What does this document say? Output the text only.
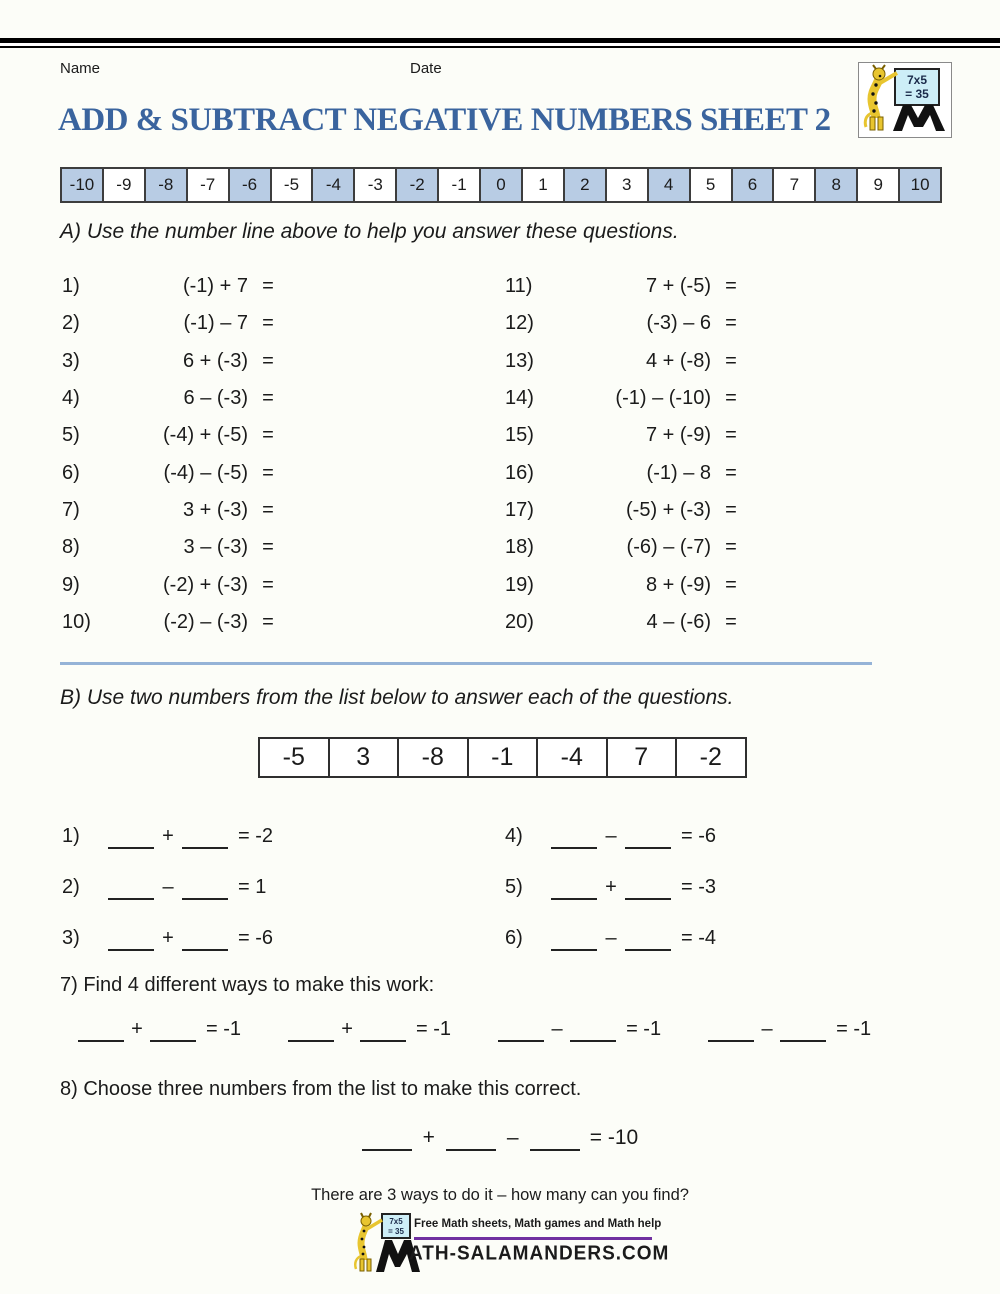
Name	Date
7x5
= 35
ADD & SUBTRACT NEGATIVE NUMBERS SHEET 2
-10	-9	-8	-7	-6	-5	-4	-3	-2	-1	0	1	2	3	4	5	6	7	8	9	10
A) Use the number line above to help you answer these questions.
1)	(-1) + 7 =
2)	(-1) – 7 =
3)	6 + (-3) =
4)	6 – (-3) =
5)	(-4) + (-5) =
6)	(-4) – (-5) =
7)	3 + (-3) =
8)	3 – (-3) =
9)	(-2) + (-3) =
10)	(-2) – (-3) =
11)	7 + (-5) =
12)	(-3) – 6 =
13)	4 + (-8) =
14)	(-1) – (-10) =
15)	7 + (-9) =
16)	(-1) – 8 =
17)	(-5) + (-3) =
18)	(-6) – (-7) =
19)	8 + (-9) =
20)	4 – (-6) =
B) Use two numbers from the list below to answer each of the questions.
-5	3	-8	-1	-4	7	-2
1)	+	= -2
2)	–	= 1
3)	+	= -6
4)	–	= -6
5)	+	= -3
6)	–	= -4
7) Find 4 different ways to make this work:
+	= -1	+	= -1	–	= -1	–	= -1
8) Choose three numbers from the list to make this correct.
+	–	= -10
There are 3 ways to do it – how many can you find?
7x5
= 35
Free Math sheets, Math games and Math help
ATH-SALAMANDERS.COM
